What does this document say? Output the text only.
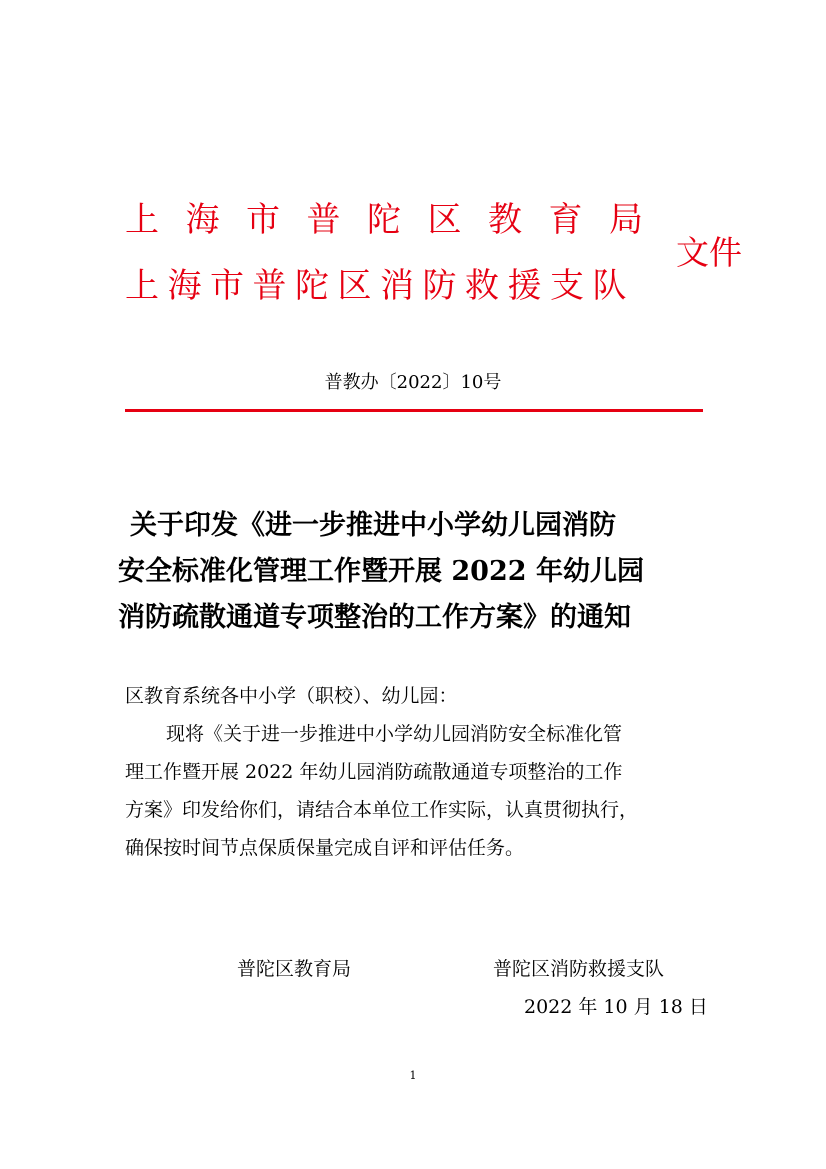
上海市普陀区教育局
上海市普陀区消防救援支队
文件
普教办〔2022〕10号
关于印发《进一步推进中小学幼儿园消防
安全标准化管理工作暨开展 2022 年幼儿园
消防疏散通道专项整治的工作方案》的通知
区教育系统各中小学（职校）、幼儿园：
现将《关于进一步推进中小学幼儿园消防安全标准化管
理工作暨开展 2022 年幼儿园消防疏散通道专项整治的工作
方案》印发给你们，请结合本单位工作实际，认真贯彻执行，
确保按时间节点保质保量完成自评和评估任务。
普陀区教育局	普陀区消防救援支队
2022 年 10 月 18 日
1
